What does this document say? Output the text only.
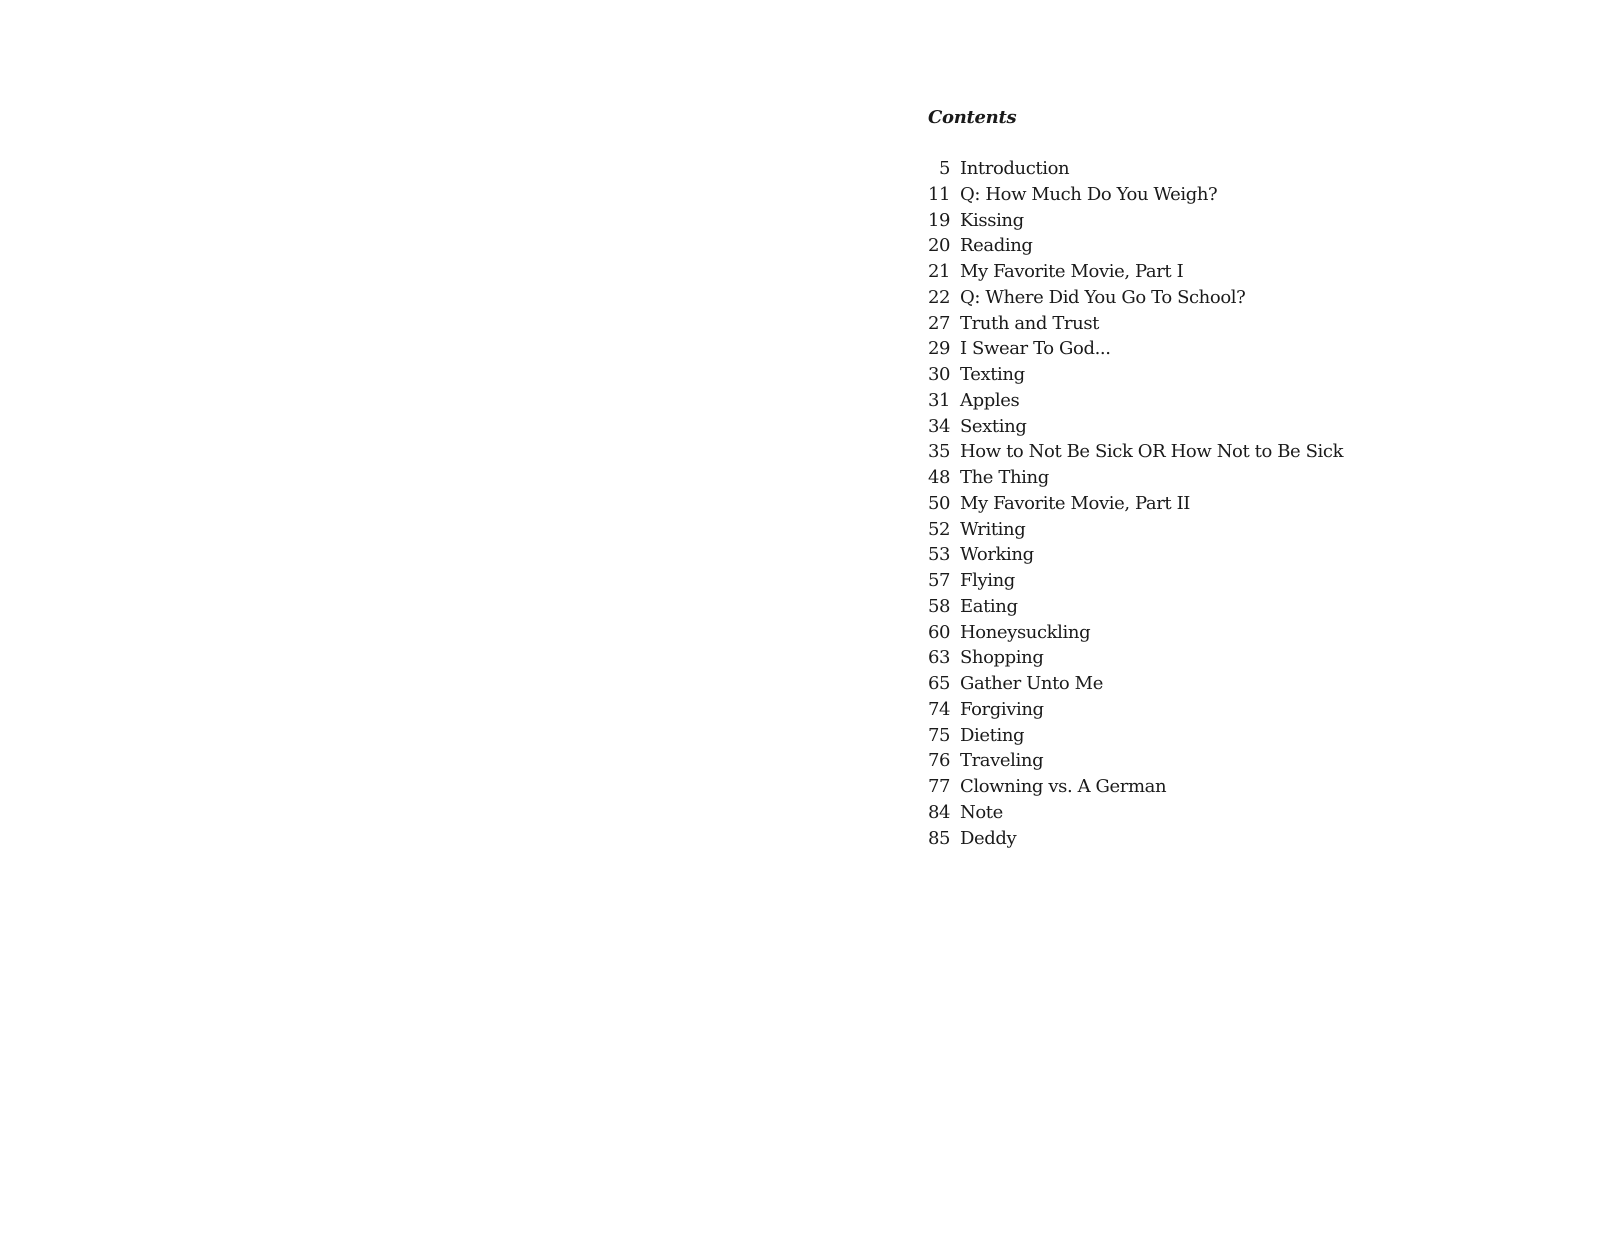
Contents
5 Introduction
11 Q: How Much Do You Weigh?
19 Kissing
20 Reading
21 My Favorite Movie, Part I
22 Q: Where Did You Go To School?
27 Truth and Trust
29 I Swear To God...
30 Texting
31 Apples
34 Sexting
35 How to Not Be Sick OR How Not to Be Sick
48 The Thing
50 My Favorite Movie, Part II
52 Writing
53 Working
57 Flying
58 Eating
60 Honeysuckling
63 Shopping
65 Gather Unto Me
74 Forgiving
75 Dieting
76 Traveling
77 Clowning vs. A German
84 Note
85 Deddy
